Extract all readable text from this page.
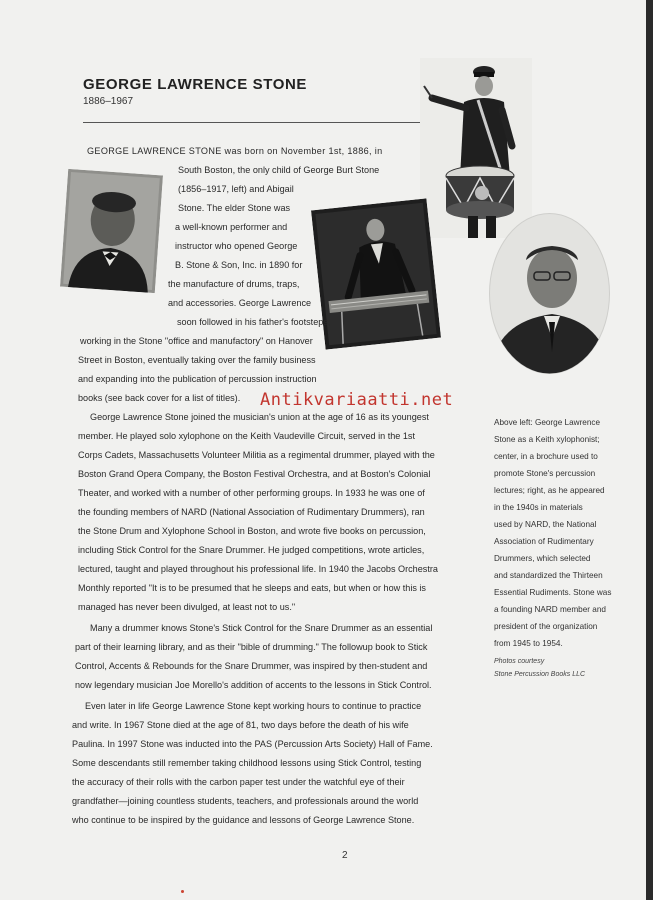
GEORGE LAWRENCE STONE
1886–1967
GEORGE LAWRENCE STONE was born on November 1st, 1886, in
South Boston, the only child of George Burt Stone
(1856–1917, left) and Abigail
Stone. The elder Stone was
a well-known performer and
instructor who opened George
B. Stone & Son, Inc. in 1890 for
the manufacture of drums, traps,
and accessories. George Lawrence
soon followed in his father's footsteps,
working in the Stone "office and manufactory" on Hanover
Street in Boston, eventually taking over the family business
and expanding into the publication of percussion instruction
books (see back cover for a list of titles).
George Lawrence Stone joined the musician's union at the age of 16 as its youngest
member. He played solo xylophone on the Keith Vaudeville Circuit, served in the 1st
Corps Cadets, Massachusetts Volunteer Militia as a regimental drummer, played with the
Boston Grand Opera Company, the Boston Festival Orchestra, and at Boston's Colonial
Theater, and worked with a number of other performing groups. In 1933 he was one of
the founding members of NARD (National Association of Rudimentary Drummers), ran
the Stone Drum and Xylophone School in Boston, and wrote five books on percussion,
including Stick Control for the Snare Drummer. He judged competitions, wrote articles,
lectured, taught and played throughout his professional life. In 1940 the Jacobs Orchestra
Monthly reported "It is to be presumed that he sleeps and eats, but when or how this is
managed has never been divulged, at least not to us."
Many a drummer knows Stone's Stick Control for the Snare Drummer as an essential
part of their learning library, and as their "bible of drumming." The followup book to Stick
Control, Accents & Rebounds for the Snare Drummer, was inspired by then-student and
now legendary musician Joe Morello's addition of accents to the lessons in Stick Control.
Even later in life George Lawrence Stone kept working hours to continue to practice
and write. In 1967 Stone died at the age of 81, two days before the death of his wife
Paulina. In 1997 Stone was inducted into the PAS (Percussion Arts Society) Hall of Fame.
Some descendants still remember taking childhood lessons using Stick Control, testing
the accuracy of their rolls with the carbon paper test under the watchful eye of their
grandfather—joining countless students, teachers, and professionals around the world
who continue to be inspired by the guidance and lessons of George Lawrence Stone.
Above left: George Lawrence
Stone as a Keith xylophonist;
center, in a brochure used to
promote Stone's percussion
lectures; right, as he appeared
in the 1940s in materials
used by NARD, the National
Association of Rudimentary
Drummers, which selected
and standardized the Thirteen
Essential Rudiments. Stone was
a founding NARD member and
president of the organization
from 1945 to 1954.
Photos courtesy
Stone Percussion Books LLC
Antikvariaatti.net
2
